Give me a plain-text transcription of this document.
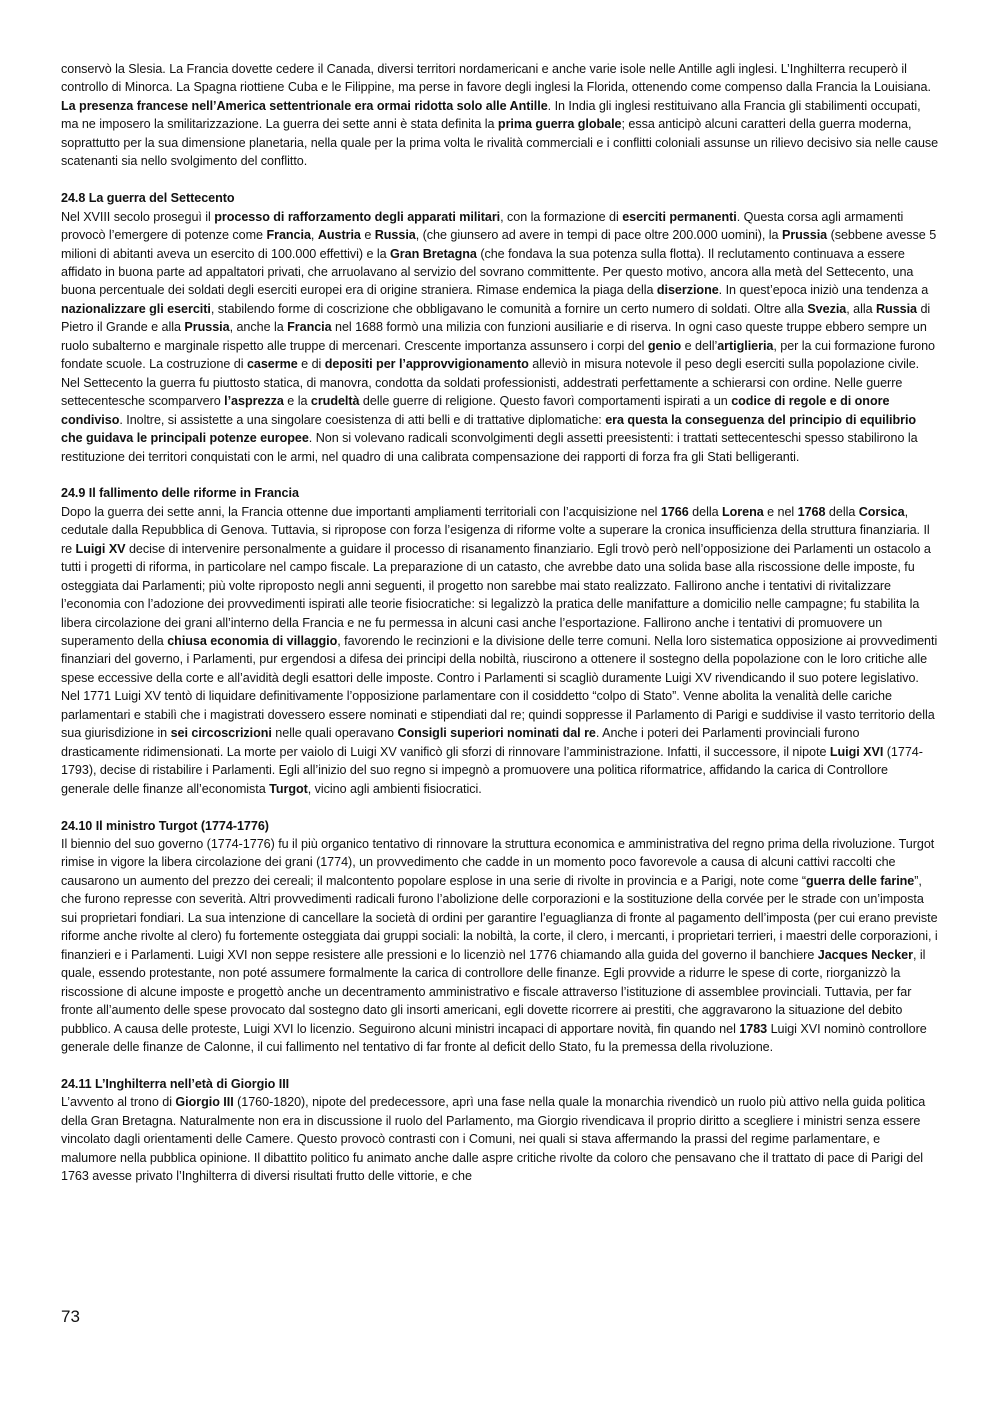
conservò la Slesia. La Francia dovette cedere il Canada, diversi territori nordamericani e anche varie isole nelle Antille agli inglesi. L’Inghilterra recuperò il controllo di Minorca. La Spagna riottiene Cuba e le Filippine, ma perse in favore degli inglesi la Florida, ottenendo come compenso dalla Francia la Louisiana. La presenza francese nell’America settentrionale era ormai ridotta solo alle Antille. In India gli inglesi restituivano alla Francia gli stabilimenti occupati, ma ne imposero la smilitarizzazione. La guerra dei sette anni è stata definita la prima guerra globale; essa anticipò alcuni caratteri della guerra moderna, soprattutto per la sua dimensione planetaria, nella quale per la prima volta le rivalità commerciali e i conflitti coloniali assunse un rilievo decisivo sia nelle cause scatenanti sia nello svolgimento del conflitto.

24.8 La guerra del Settecento

Nel XVIII secolo proseguì il processo di rafforzamento degli apparati militari, con la formazione di eserciti permanenti. Questa corsa agli armamenti provocò l’emergere di potenze come Francia, Austria e Russia, (che giunsero ad avere in tempi di pace oltre 200.000 uomini), la Prussia (sebbene avesse 5 milioni di abitanti aveva un esercito di 100.000 effettivi) e la Gran Bretagna (che fondava la sua potenza sulla flotta). Il reclutamento continuava a essere affidato in buona parte ad appaltatori privati, che arruolavano al servizio del sovrano committente. Per questo motivo, ancora alla metà del Settecento, una buona percentuale dei soldati degli eserciti europei era di origine straniera. Rimase endemica la piaga della diserzione. In quest’epoca iniziò una tendenza a nazionalizzare gli eserciti, stabilendo forme di coscrizione che obbligavano le comunità a fornire un certo numero di soldati. Oltre alla Svezia, alla Russia di Pietro il Grande e alla Prussia, anche la Francia nel 1688 formò una milizia con funzioni ausiliarie e di riserva. In ogni caso queste truppe ebbero sempre un ruolo subalterno e marginale rispetto alle truppe di mercenari. Crescente importanza assunsero i corpi del genio e dell’artiglieria, per la cui formazione furono fondate scuole. La costruzione di caserme e di depositi per l’approvvigionamento alleviò in misura notevole il peso degli eserciti sulla popolazione civile. Nel Settecento la guerra fu piuttosto statica, di manovra, condotta da soldati professionisti, addestrati perfettamente a schierarsi con ordine. Nelle guerre settecentesche scomparvero l’asprezza e la crudeltà delle guerre di religione. Questo favorì comportamenti ispirati a un codice di regole e di onore condiviso. Inoltre, si assistette a una singolare coesistenza di atti belli e di trattative diplomatiche: era questa la conseguenza del principio di equilibrio che guidava le principali potenze europee. Non si volevano radicali sconvolgimenti degli assetti preesistenti: i trattati settecenteschi spesso stabilirono la restituzione dei territori conquistati con le armi, nel quadro di una calibrata compensazione dei rapporti di forza fra gli Stati belligeranti.

24.9 Il fallimento delle riforme in Francia

Dopo la guerra dei sette anni, la Francia ottenne due importanti ampliamenti territoriali con l’acquisizione nel 1766 della Lorena e nel 1768 della Corsica, cedutale dalla Repubblica di Genova. Tuttavia, si ripropose con forza l’esigenza di riforme volte a superare la cronica insufficienza della struttura finanziaria. Il re Luigi XV decise di intervenire personalmente a guidare il processo di risanamento finanziario. Egli trovò però nell’opposizione dei Parlamenti un ostacolo a tutti i progetti di riforma, in particolare nel campo fiscale. La preparazione di un catasto, che avrebbe dato una solida base alla riscossione delle imposte, fu osteggiata dai Parlamenti; più volte riproposto negli anni seguenti, il progetto non sarebbe mai stato realizzato. Fallirono anche i tentativi di rivitalizzare l’economia con l’adozione dei provvedimenti ispirati alle teorie fisiocratiche: si legalizzò la pratica delle manifatture a domicilio nelle campagne; fu stabilita la libera circolazione dei grani all’interno della Francia e ne fu permessa in alcuni casi anche l’esportazione. Fallirono anche i tentativi di promuovere un superamento della chiusa economia di villaggio, favorendo le recinzioni e la divisione delle terre comuni. Nella loro sistematica opposizione ai provvedimenti finanziari del governo, i Parlamenti, pur ergendosi a difesa dei principi della nobiltà, riuscirono a ottenere il sostegno della popolazione con le loro critiche alle spese eccessive della corte e all’avidità degli esattori delle imposte. Contro i Parlamenti si scagliò duramente Luigi XV rivendicando il suo potere legislativo. Nel 1771 Luigi XV tentò di liquidare definitivamente l’opposizione parlamentare con il cosiddetto “colpo di Stato”. Venne abolita la venalità delle cariche parlamentari e stabilì che i magistrati dovessero essere nominati e stipendiati dal re; quindi soppresse il Parlamento di Parigi e suddivise il vasto territorio della sua giurisdizione in sei circoscrizioni nelle quali operavano Consigli superiori nominati dal re. Anche i poteri dei Parlamenti provinciali furono drasticamente ridimensionati. La morte per vaiolo di Luigi XV vanificò gli sforzi di rinnovare l’amministrazione. Infatti, il successore, il nipote Luigi XVI (1774-1793), decise di ristabilire i Parlamenti. Egli all’inizio del suo regno si impegnò a promuovere una politica riformatrice, affidando la carica di Controllore generale delle finanze all’economista Turgot, vicino agli ambienti fisiocratici.

24.10 Il ministro Turgot (1774-1776)

Il biennio del suo governo (1774-1776) fu il più organico tentativo di rinnovare la struttura economica e amministrativa del regno prima della rivoluzione. Turgot rimise in vigore la libera circolazione dei grani (1774), un provvedimento che cadde in un momento poco favorevole a causa di alcuni cattivi raccolti che causarono un aumento del prezzo dei cereali; il malcontento popolare esplose in una serie di rivolte in provincia e a Parigi, note come “guerra delle farine”, che furono represse con severità. Altri provvedimenti radicali furono l’abolizione delle corporazioni e la sostituzione della corvée per le strade con un’imposta sui proprietari fondiari. La sua intenzione di cancellare la società di ordini per garantire l’eguaglianza di fronte al pagamento dell’imposta (per cui erano previste riforme anche rivolte al clero) fu fortemente osteggiata dai gruppi sociali: la nobiltà, la corte, il clero, i mercanti, i proprietari terrieri, i maestri delle corporazioni, i finanzieri e i Parlamenti. Luigi XVI non seppe resistere alle pressioni e lo licenziò nel 1776 chiamando alla guida del governo il banchiere Jacques Necker, il quale, essendo protestante, non poté assumere formalmente la carica di controllore delle finanze. Egli provvide a ridurre le spese di corte, riorganizzò la riscossione di alcune imposte e progettò anche un decentramento amministrativo e fiscale attraverso l’istituzione di assemblee provinciali. Tuttavia, per far fronte all’aumento delle spese provocato dal sostegno dato gli insorti americani, egli dovette ricorrere ai prestiti, che aggravarono la situazione del debito pubblico. A causa delle proteste, Luigi XVI lo licenzio. Seguirono alcuni ministri incapaci di apportare novità, fin quando nel 1783 Luigi XVI nominò controllore generale delle finanze de Calonne, il cui fallimento nel tentativo di far fronte al deficit dello Stato, fu la premessa della rivoluzione.

24.11 L’Inghilterra nell’età di Giorgio III

L’avvento al trono di Giorgio III (1760-1820), nipote del predecessore, aprì una fase nella quale la monarchia rivendicò un ruolo più attivo nella guida politica della Gran Bretagna. Naturalmente non era in discussione il ruolo del Parlamento, ma Giorgio rivendicava il proprio diritto a scegliere i ministri senza essere vincolato dagli orientamenti delle Camere. Questo provocò contrasti con i Comuni, nei quali si stava affermando la prassi del regime parlamentare, e malumore nella pubblica opinione. Il dibattito politico fu animato anche dalle aspre critiche rivolte da coloro che pensavano che il trattato di pace di Parigi del 1763 avesse privato l’Inghilterra di diversi risultati frutto delle vittorie, e che

73
